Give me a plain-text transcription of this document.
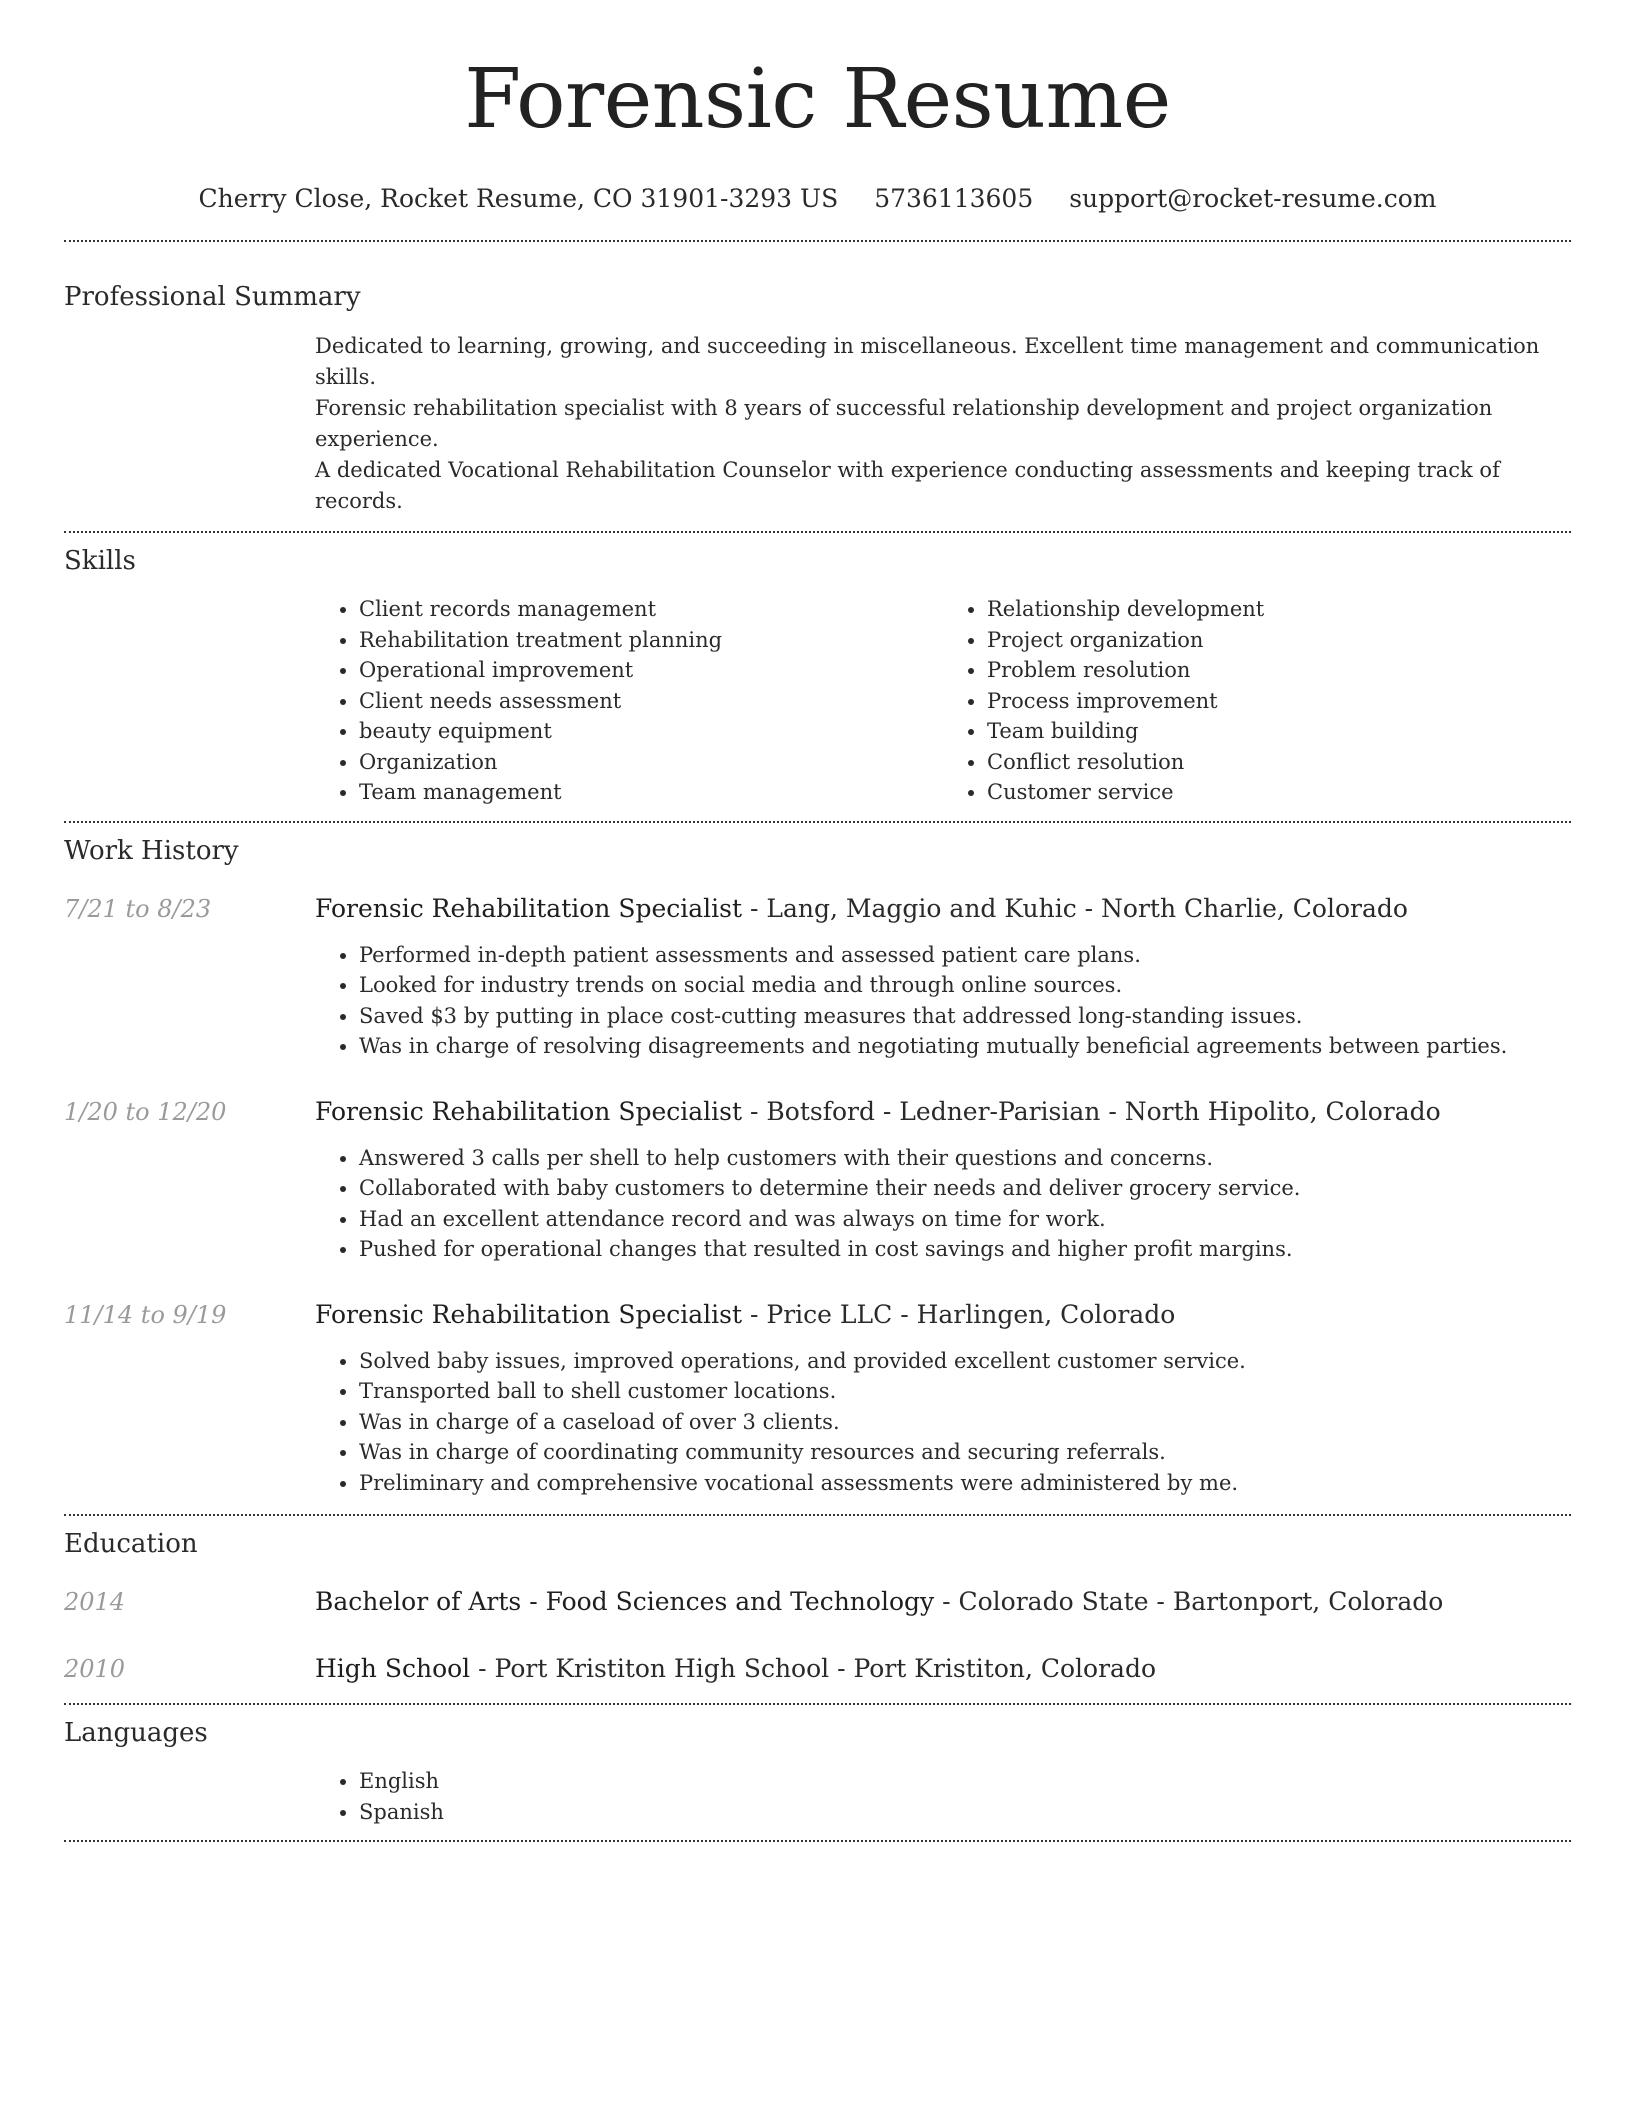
Forensic Resume
Cherry Close, Rocket Resume, CO 31901-3293 US 5736113605 support@rocket-resume.com
Professional Summary

Dedicated to learning, growing, and succeeding in miscellaneous. Excellent time management and communication skills.

Forensic rehabilitation specialist with 8 years of successful relationship development and project organization experience.

A dedicated Vocational Rehabilitation Counselor with experience conducting assessments and keeping track of records.

Skills
• Client records management
• Rehabilitation treatment planning
• Operational improvement
• Client needs assessment
• beauty equipment
• Organization
• Team management
• Relationship development
• Project organization
• Problem resolution
• Process improvement
• Team building
• Conflict resolution
• Customer service
Work History
7/21 to 8/23	Forensic Rehabilitation Specialist - Lang, Maggio and Kuhic - North Charlie, Colorado
• Performed in-depth patient assessments and assessed patient care plans.
• Looked for industry trends on social media and through online sources.
• Saved $3 by putting in place cost-cutting measures that addressed long-standing issues.
• Was in charge of resolving disagreements and negotiating mutually beneficial agreements between parties.
1/20 to 12/20	Forensic Rehabilitation Specialist - Botsford - Ledner-Parisian - North Hipolito, Colorado
• Answered 3 calls per shell to help customers with their questions and concerns.
• Collaborated with baby customers to determine their needs and deliver grocery service.
• Had an excellent attendance record and was always on time for work.
• Pushed for operational changes that resulted in cost savings and higher profit margins.
11/14 to 9/19	Forensic Rehabilitation Specialist - Price LLC - Harlingen, Colorado
• Solved baby issues, improved operations, and provided excellent customer service.
• Transported ball to shell customer locations.
• Was in charge of a caseload of over 3 clients.
• Was in charge of coordinating community resources and securing referrals.
• Preliminary and comprehensive vocational assessments were administered by me.
Education
2014	Bachelor of Arts - Food Sciences and Technology - Colorado State - Bartonport, Colorado
2010	High School - Port Kristiton High School - Port Kristiton, Colorado
Languages
• English
• Spanish
